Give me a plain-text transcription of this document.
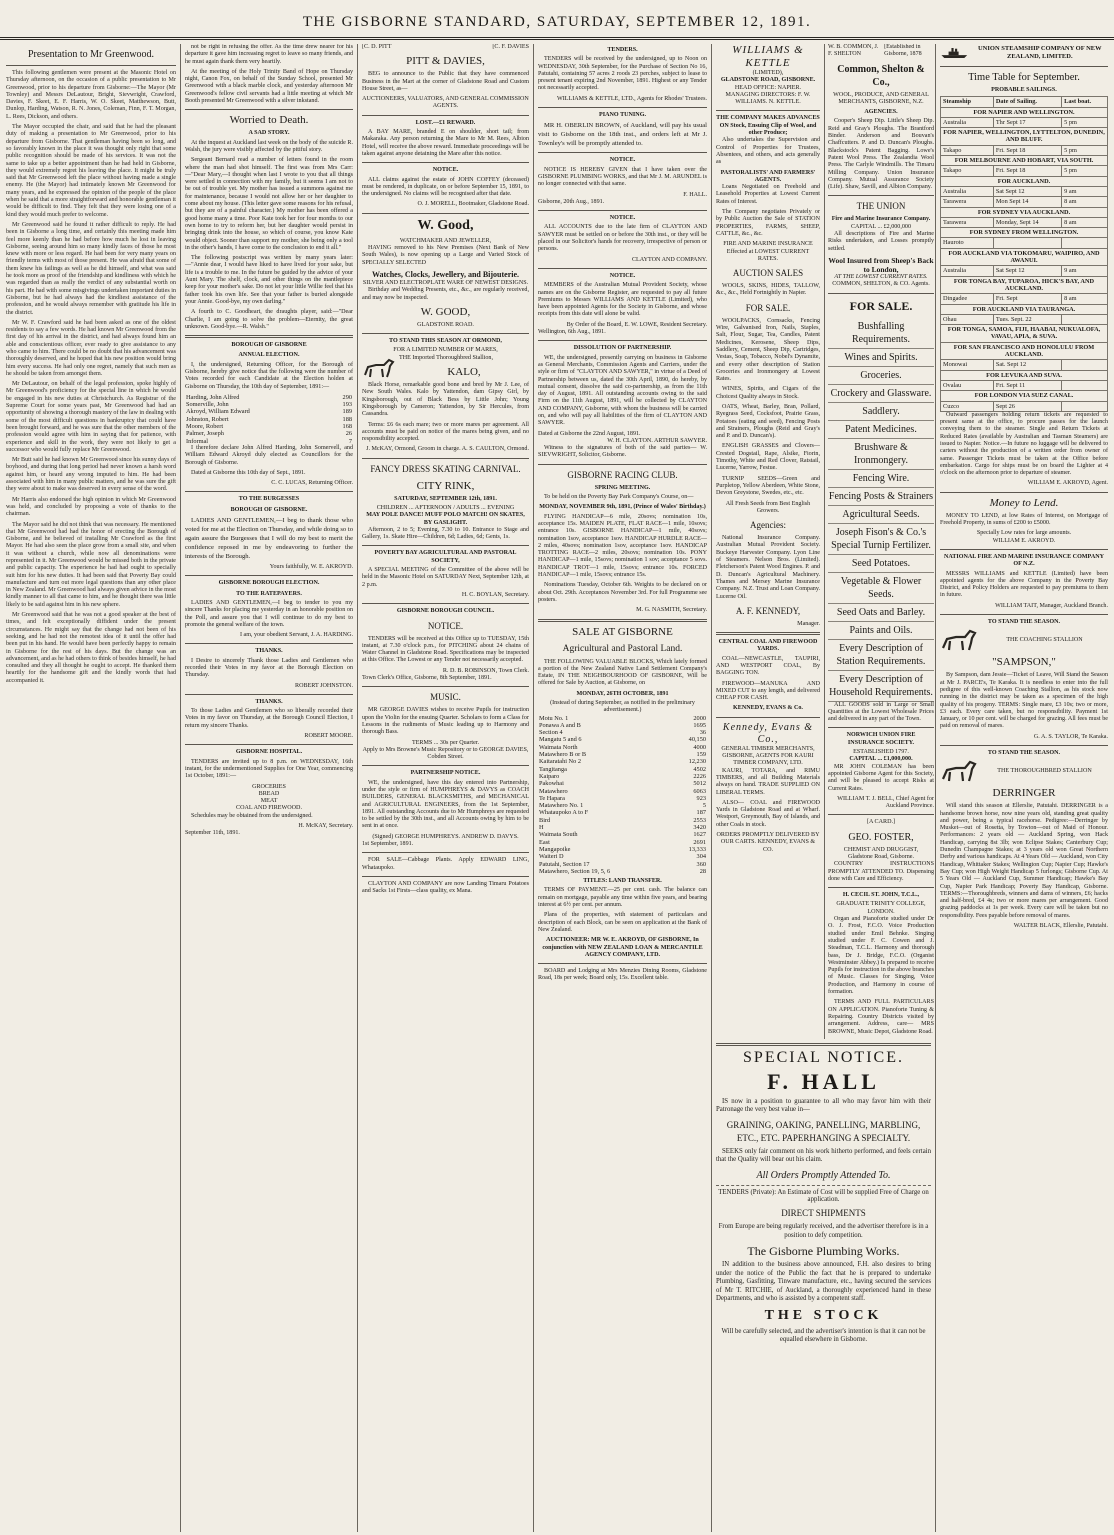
THE GISBORNE STANDARD, SATURDAY, SEPTEMBER 12, 1891.
Presentation to Mr Greenwood.

This following gentlemen were present at the Masonic Hotel on Thursday afternoon, on the occasion of a public presentation to Mr Greenwood, prior to his departure from Gisborne:—The Mayor (Mr Townley) and Messrs DeLautour, Bright, Sievwright, Crawford, Davies, F. Skeet, E. F. Harris, W. O. Skeet, Matthewson, Butt, Dunlop, Harding, Watson, R. N. Jones, Coleman, Finn, F. T. Morgan, L. Rees, Dickson, and others.

The Mayor occupied the chair, and said that he had the pleasant duty of making a presentation to Mr Greenwood, prior to his departure from Gisborne. That gentleman having been so long, and so favorably known in the place it was thought only right that some public recognition should be made of his services. It was not the same to take up a better appointment than he had held in Gisborne, they would extremely regret his leaving the place. It might be truly said that Mr Greenwood left the place without having made a single enemy. He (the Mayor) had intimately known Mr Greenwood for many years, and he expressed the opinion of the people of the place when he said that a more straightforward and honorable gentleman it would be difficult to find. They felt that they were losing one of a kind they would much prefer to welcome.

Mr Greenwood said he found it rather difficult to reply. He had been in Gisborne a long time, and certainly this meeting made him feel more keenly than he had before how much he lost in leaving Gisborne, seeing around him so many kindly faces of those he most knew with more or less regard. He had been for very many years on friendly terms with most of those present. He was afraid that some of them knew his failings as well as he did himself, and what was said he took more as proof of the friendship and kindliness with which he was regarded than as really the verdict of any substantial worth on his part. He had with some misgivings undertaken important duties in Gisborne, but he had always had the kindliest assistance of the profession, and he would always remember with gratitude his life in the district.

Mr W. F. Crawford said he had been asked as one of the oldest residents to say a few words. He had known Mr Greenwood from the first day of his arrival in the district, and had always found him an able and conscientious officer, ever ready to give assistance to any who came to him. There could be no doubt that his advancement was thoroughly deserved, and he hoped that his new position would bring him every success. He had only one regret, namely that such men as he should be taken from amongst them.

Mr DeLautour, on behalf of the legal profession, spoke highly of Mr Greenwood's proficiency for the special line in which he would be engaged in his new duties at Christchurch. As Registrar of the Supreme Court for some years past, Mr Greenwood had had an opportunity of showing a thorough mastery of the law in dealing with some of the most difficult questions in bankruptcy that could have been brought forward, and he was sure that the other members of the profession would agree with him in saying that for patience, with experience and skill in the work, they were not likely to get a successor who would fully replace Mr Greenwood.

Mr Butt said he had known Mr Greenwood since his sunny days of boyhood, and during that long period had never known a harsh word against him, or heard any wrong imputed to him. He had been associated with him in many public matters, and he was sure the gift they were about to make was deserved in every sense of the word.

Mr Harris also endorsed the high opinion in which Mr Greenwood was held, and concluded by proposing a vote of thanks to the chairman.

The Mayor said he did not think that was necessary. He mentioned that Mr Greenwood had had the honor of erecting the Borough of Gisborne, and he believed of installing Mr Crawford as the first Mayor. He had also seen the place grow from a small site, and when it was without a church, while now all denominations were represented in it. Mr Greenwood would be missed both in the private and public capacity. The experience he had had ought to specially suit him for his new duties. It had been said that Poverty Bay could manufacture and turn out more legal questions than any other place in New Zealand. Mr Greenwood had always given advice in the most kindly manner to all that came to him, and he thought there was little likely to be said against him in his new sphere.

Mr Greenwood said that he was not a good speaker at the best of times, and felt exceptionally diffident under the present circumstances. He might say that the change had not been of his seeking, and he had not the remotest idea of it until the offer had been put in his hand. He would have been perfectly happy to remain in Gisborne for the rest of his days. But the change was an advancement, and as he had others to think of besides himself, he had consulted and they all thought he ought to accept. He thanked them heartily for the handsome gift and the kindly words that had accompanied it.

not be right in refusing the offer. As the time drew nearer for his departure it gave him increasing regret to leave so many friends, and he must again thank them very heartily.

At the meeting of the Holy Trinity Band of Hope on Thursday night, Canon Fox, on behalf of the Sunday School, presented Mr Greenwood with a black marble clock, and yesterday afternoon Mr Greenwood's fellow civil servants had a little meeting at which Mr Booth presented Mr Greenwood with a silver inkstand.

Worried to Death.
A SAD STORY.

At the inquest at Auckland last week on the body of the suicide R. Walsh, the jury were visibly affected by the pitiful story.

Sergeant Bernard read a number of letters found in the room where the man had shot himself. The first was from Mrs Carr:—"Dear Mary,—I thought when last I wrote to you that all things were settled in connection with my family, but it seems I am not to be out of trouble yet. My mother has issued a summons against me for maintenance, because I would not allow her or her daughter to come about my house. (This letter gave some reasons for his refusal, but they are of a painful character.) My mother has been offered a good home many a time. Poor Kate took her for four months to our own home to try to reform her, but her daughter would persist in bringing drink into the house, so which of course, you know Kate would object. Sooner than support my mother, she being only a tool in the other's hands, I have come to the conclusion to end it all."

The following postscript was written by many years later:—"Annie dear, I would have liked to have lived for your sake, but life is a trouble to me. In the future be guided by the advice of your Aunt Mary. The shelf, clock, and other things on the mantlepiece keep for your mother's sake. Do not let your little Willie feel that his father took his own life. See that your father is buried alongside your Annie. Good-bye, my own darling."

A fourth to C. Goodheart, the draughts player, said:—"Dear Charlie, I am going to solve the problem—Eternity, the great unknown. Good-bye.—R. Walsh."

BOROUGH OF GISBORNE
ANNUAL ELECTION.

I, the undersigned, Returning Officer, for the Borough of Gisborne, hereby give notice that the following were the number of Votes recorded for each Candidate at the Election holden at Gisborne on Thursday, the 10th day of September, 1891:—

Harding, John Alfred	290
Somerville, John	193
Akroyd, William Edward	189
Johnston, Robert	188
Moore, Robert	168
Palmer, Joseph	26
Informal	7

I therefore declare John Alfred Harding, John Somervell, and William Edward Akroyd duly elected as Councillors for the Borough of Gisborne.

Dated at Gisborne this 10th day of Sept., 1891.

C. C. LUCAS, Returning Officer.
TO THE BURGESSES
BOROUGH OF GISBORNE.

LADIES AND GENTLEMEN,—I beg to thank those who voted for me at the Election on Thursday, and while doing so to again assure the Burgesses that I will do my best to merit the confidence reposed in me by endeavoring to further the interests of the Borough.

Yours faithfully, W. E. AKROYD.
GISBORNE BOROUGH ELECTION.
TO THE RATEPAYERS.

LADIES AND GENTLEMEN,—I beg to tender to you my sincere Thanks for placing me yesterday in an honorable position on the Poll, and assure you that I will continue to do my best to promote the general welfare of the town.

I am, your obedient Servant, J. A. HARDING.
THANKS.

I Desire to sincerely Thank those Ladies and Gentlemen who recorded their Votes in my favor at the Borough Election on Thursday.

ROBERT JOHNSTON.
THANKS.

To those Ladies and Gentlemen who so liberally recorded their Votes in my favor on Thursday, at the Borough Council Election, I return my sincere Thanks.

ROBERT MOORE.
GISBORNE HOSPITAL.

TENDERS are invited up to 8 p.m. on WEDNESDAY, 16th instant, for the undermentioned Supplies for One Year, commencing 1st October, 1891:—

GROCERIES
BREAD
MEAT
COAL AND FIREWOOD.

Schedules may be obtained from the undersigned.

H. McKAY, Secretary.
September 11th, 1891.
[C. D. PITT	[C. F. DAVIES
PITT & DAVIES,

BEG to announce to the Public that they have commenced Business in the Mart at the corner of Gladstone Road and Custom House Street, as—

AUCTIONEERS, VALUATORS, AND GENERAL COMMISSION AGENTS.
LOST.—£1 REWARD.

A BAY MARE, branded E on shoulder, short tail; from Makaraka. Any person returning the Mare to Mr M. Rees, Albion Hotel, will receive the above reward. Immediate proceedings will be taken against anyone detaining the Mare after this notice.

NOTICE.

ALL claims against the estate of JOHN COFFEY (deceased) must be rendered, in duplicate, on or before September 15, 1891, to the undersigned. No claims will be recognised after that date.

O. J. MORELL, Bootmaker, Gladstone Road.
W. Good,
WATCHMAKER AND JEWELLER,

HAVING removed to his New Premises (Next Bank of New South Wales), is now opening up a Large and Varied Stock of SPECIALLY SELECTED

Watches, Clocks, Jewellery, and Bijouterie.
SILVER AND ELECTROPLATE WARE OF NEWEST DESIGNS.

Birthday and Wedding Presents, etc., &c., are regularly received, and may now be inspected.

W. GOOD,
GLADSTONE ROAD.
TO STAND THIS SEASON AT ORMOND,
FOR A LIMITED NUMBER OF MARES,
THE Imported Thoroughbred Stallion,
KALO,

Black Horse, remarkable good bone and bred by Mr J. Lee, of New South Wales. Kalo by Yattendon, dam Gipsy Girl, by Kingsborough, out of Black Bess by Little John; Young Kingsborough by Cameron; Yattendon, by Sir Hercules, from Cassandra.

Terms: £6 6s each mare; two or more mares per agreement. All accounts must be paid on notice of the mares being given, and no responsibility accepted.

J. McKAY, Ormond, Groom in charge. A. S. CAULTON, Ormond.
FANCY DRESS SKATING CARNIVAL.
CITY RINK,
SATURDAY, SEPTEMBER 12th, 1891.
CHILDREN ... AFTERNOON / ADULTS ... EVENING
MAY POLE DANCE! MUFF POLO MATCH! ON SKATES, BY GASLIGHT.

Afternoon, 2 to 5; Evening, 7.30 to 10. Entrance to Stage and Gallery, 1s. Skate Hire—Children, 6d; Ladies, 6d; Gents, 1s.

POVERTY BAY AGRICULTURAL AND PASTORAL SOCIETY,

A SPECIAL MEETING of the Committee of the above will be held in the Masonic Hotel on SATURDAY Next, September 12th, at 2 p.m.

H. C. BOYLAN, Secretary.
GISBORNE BOROUGH COUNCIL.
NOTICE.

TENDERS will be received at this Office up to TUESDAY, 15th instant, at 7.30 o'clock p.m., for PITCHING about 24 chains of Water Channel in Gladstone Road. Specifications may be inspected at this Office. The Lowest or any Tender not necessarily accepted.

R. D. B. ROBINSON, Town Clerk.
Town Clerk's Office, Gisborne, 8th September, 1891.
MUSIC.

MR GEORGE DAVIES wishes to receive Pupils for instruction upon the Violin for the ensuing Quarter. Scholars to form a Class for Lessons in the rudiments of Music leading up to Harmony and thorough Bass.

TERMS ... 30s per Quarter.
Apply to Mrs Browne's Music Repository or to GEORGE DAVIES, Cobden Street.
PARTNERSHIP NOTICE.

WE, the undersigned, have this day entered into Partnership, under the style or firm of HUMPHREYS & DAVYS as COACH BUILDERS, GENERAL BLACKSMITHS, and MECHANICAL and AGRICULTURAL ENGINEERS, from the 1st September, 1891. All outstanding Accounts due to Mr Humphreys are requested to be settled by the 30th inst., and all Accounts owing by him to be sent in at once.

(Signed) GEORGE HUMPHREYS. ANDREW D. DAVYS.
1st September, 1891.

FOR SALE—Cabbage Plants. Apply EDWARD LING, Whataupoko.

CLAYTON AND COMPANY are now Landing Timaru Potatoes and Sacks 1st Firsts—class quality, ex Mana.

TENDERS.

TENDERS will be received by the undersigned, up to Noon on WEDNESDAY, 30th September, for the Purchase of Section No 16, Patutahi, containing 57 acres 2 roods 23 perches, subject to lease to present tenant expiring 2nd November, 1891. Highest or any Tender not necessarily accepted.

WILLIAMS & KETTLE, LTD., Agents for Rhodes' Trustees.
PIANO TUNING.

MR H. OBERLIN BROWN, of Auckland, will pay his usual visit to Gisborne on the 18th inst., and orders left at Mr J. Townley's will be promptly attended to.

NOTICE.

NOTICE IS HEREBY GIVEN that I have taken over the GISBORNE PLUMBING WORKS, and that Mr J. M. ARUNDEL is no longer connected with that same.

F. HALL.
Gisborne, 20th Aug., 1891.
NOTICE.

ALL ACCOUNTS due to the late firm of CLAYTON AND SAWYER must be settled on or before the 30th inst., or they will be placed in our Solicitor's hands for recovery, irrespective of person or persons.

CLAYTON AND COMPANY.
NOTICE.

MEMBERS of the Australian Mutual Provident Society, whose names are on the Gisborne Register, are requested to pay all future Premiums to Messrs WILLIAMS AND KETTLE (Limited), who have been appointed Agents for the Society in Gisborne, and whose receipts from this date will alone be valid.

By Order of the Board, E. W. LOWE, Resident Secretary.
Wellington, 6th Aug., 1891.
DISSOLUTION OF PARTNERSHIP.

WE, the undersigned, presently carrying on business in Gisborne as General Merchants, Commission Agents and Carriers, under the style or firm of "CLAYTON AND SAWYER," in virtue of a Deed of Partnership between us, dated the 30th April, 1890, do hereby, by mutual consent, dissolve the said co-partnership, as from the 11th day of August, 1891. All outstanding accounts owing to the said Firm on the 11th August, 1891, will be collected by CLAYTON AND COMPANY, Gisborne, with whom the business will be carried on, and who will pay all liabilities of the firm of CLAYTON AND SAWYER.

Dated at Gisborne the 22nd August, 1891.
W. H. CLAYTON. ARTHUR SAWYER.

Witness to the signatures of both of the said parties— W. SIEVWRIGHT, Solicitor, Gisborne.

GISBORNE RACING CLUB.
SPRING MEETING.

To be held on the Poverty Bay Park Company's Course, on—

MONDAY, NOVEMBER 9th, 1891, (Prince of Wales' Birthday.)

FLYING HANDICAP—6 mile, 20sovs; nomination 10s, acceptance 15s. MAIDEN PLATE, FLAT RACE—1 mile, 10sovs; entrance 10s. GISBORNE HANDICAP—1 mile, 40sovs; nomination 1sov, acceptance 1sov. HANDICAP HURDLE RACE—2 miles, 40sovs; nomination 1sov, acceptance 1sov. HANDICAP TROTTING RACE—2 miles, 20sovs; nomination 10s. PONY HANDICAP—1 mile, 15sovs; nomination 1 sov; acceptance 5 sovs. HANDICAP TROT—1 mile, 15sovs; entrance 10s. FORCED HANDICAP—1 mile, 15sovs; entrance 15s.

Nominations Tuesday, October 6th. Weights to be declared on or about Oct. 29th. Acceptances November 3rd. For full Programme see posters.

M. G. NASMITH, Secretary.
SALE AT GISBORNE
Agricultural and Pastoral Land.

THE FOLLOWING VALUABLE BLOCKS, Which lately formed a portion of the New Zealand Native Land Settlement Company's Estate, IN THE NEIGHBOURHOOD OF GISBORNE, Will be offered for Sale by Auction, at Gisborne, on

MONDAY, 26TH OCTOBER, 1891
(Instead of during September, as notified in the preliminary advertisement.)
Motu No. 1	2000
Ponawa A and B	1695
Section 4	36
Mangatu 5 and 6	40,150
Waimata North	4000
Matawhero B or B	159
Kaitaratahi No 2	12,230
Tangitanga	4502
Kaiparo	2226
Pakowhai	5012
Matawhero	6063
Te Hapara	923
Matawhero No. 1	5
Whataupoko A to F	187
Bird	2553
H	3420
Waimata South	1627
East	2691
Mangapoike	13,333
Waiteri D	304
Patutahi, Section 17	360
Matawhero, Section 19, 5, 6	28
TITLES: LAND TRANSFER.

TERMS OF PAYMENT.—25 per cent. cash. The balance can remain on mortgage, payable any time within five years, and bearing interest at 6½ per cent. per annum.

Plans of the properties, with statement of particulars and description of each Block, can be seen on application at the Bank of New Zealand.

AUCTIONEER: MR W. E. AKROYD, OF GISBORNE, In conjunction with NEW ZEALAND LOAN & MERCANTILE AGENCY COMPANY, LTD.

BOARD and Lodging at Mrs Menzies Dining Rooms, Gladstone Road, 18s per week; Board only, 15s. Excellent table.

WILLIAMS & KETTLE
(LIMITED),
GLADSTONE ROAD, GISBORNE.
HEAD OFFICE: NAPIER.
MANAGING DIRECTORS: F. W. WILLIAMS. N. KETTLE.
THE COMPANY MAKES ADVANCES ON Stock, Ensuing Clip of Wool, and other Produce;

Also undertakes the Supervision and Control of Properties for Trustees, Absentees, and others, and acts generally as

PASTORALISTS' AND FARMERS' AGENTS.

Loans Negotiated on Freehold and Leasehold Properties at Lowest Current Rates of Interest.

The Company negotiates Privately or by Public Auction the Sale of STATION PROPERTIES, FARMS, SHEEP, CATTLE, &c., &c.

FIRE AND MARINE INSURANCE Effected at LOWEST CURRENT RATES.
AUCTION SALES

WOOLS, SKINS, HIDES, TALLOW, &c., &c., Held Fortnightly in Napier.

FOR SALE.

WOOLPACKS, Cornsacks, Fencing Wire, Galvanised Iron, Nails, Staples, Salt, Flour, Sugar, Tea, Candles, Patent Medicines, Kerosene, Sheep Dips, Saddlery, Cement, Sheep Dip, Cartridges, Vestas, Soap, Tobacco, Nobel's Dynamite, and every other description of Station Groceries and Ironmongery at Lowest Rates.

WINES, Spirits, and Cigars of the Choicest Quality always in Stock.

OATS, Wheat, Barley, Bran, Pollard, Ryegrass Seed, Cocksfoot, Prairie Grass, Potatoes (eating and seed), Fencing Posts and Strainers, Ploughs (Reid and Gray's and P. and D. Duncan's).

ENGLISH GRASSES and Clovers—Crested Dogstail, Rape, Alsike, Fiorin, Timothy, White and Red Clover, Ratstail, Lucerne, Yarrow, Festue.

TURNIP SEEDS—Green and Purpletop, Yellow Aberdeen, White Stone, Devon Greystone, Swedes, etc., etc.

All Fresh Seeds from Best English Growers.
Agencies:

National Insurance Company. Australian Mutual Provident Society. Buckeye Harvester Company. Lyon Line of Steamers. Nelson Bros. (Limited). Fletcherson's Patent Wood Engines. P. and D. Duncan's Agricultural Machinery. Thames and Mersey Marine Insurance Company. N.Z. Trust and Loan Company. Lucerne Oil.

A. F. KENNEDY,
Manager.
CENTRAL COAL AND FIREWOOD YARDS.

COAL—NEWCASTLE, TAUPIRI, AND WESTPORT COAL, By BAGGING TON.

FIREWOOD—MANUKA AND MIXED CUT to any length, and delivered CHEAP FOR CASH.

KENNEDY, EVANS & Co.
Kennedy, Evans & Co.,
GENERAL TIMBER MERCHANTS, GISBORNE, AGENTS FOR KAURI TIMBER COMPANY, LTD.

KAURI, TOTARA, and RIMU TIMBERS, and all Building Materials always on hand. TRADE SUPPLIED ON LIBERAL TERMS.

ALSO— COAL and FIREWOOD Yards in Gladstone Road and at Wharf. Westport, Greymouth, Bay of Islands, and other Coals in stock.

ORDERS PROMPTLY DELIVERED BY OUR CARTS. KENNEDY, EVANS & CO.
W. B. COMMON, J. F. SHELTON
[Established in Gisborne, 1878
Common, Shelton & Co.,
WOOL, PRODUCE, AND GENERAL MERCHANTS, GISBORNE, N.Z.
AGENCIES.

Cooper's Sheep Dip. Little's Sheep Dip. Reid and Gray's Ploughs. The Brantford Binder. Anderson and Bouvan's Chaffcutters. P. and D. Duncan's Ploughs. Blackstock's Patent Bagging. Lowe's Patent Wool Press. The Zealandia Wool Press. The Carlyle Windmills. The Timaru Milling Company. Union Insurance Company. Mutual Assurance Society (Life). Shaw, Savill, and Albion Company.

THE UNION
Fire and Marine Insurance Company.
CAPITAL ... £2,000,000

All descriptions of Fire and Marine Risks undertaken, and Losses promptly settled.

Wool Insured from Sheep's Back to London,
AT THE LOWEST CURRENT RATES.
COMMON, SHELTON, & CO. Agents.
FOR SALE.
Bushfalling Requirements.
Wines and Spirits.
Groceries.
Crockery and Glassware.
Saddlery.
Patent Medicines.
Brushware & Ironmongery.
Fencing Wire.
Fencing Posts & Strainers
Agricultural Seeds.
Joseph Fison's & Co.'s Special Turnip Fertilizer.
Seed Potatoes.
Vegetable & Flower Seeds.
Seed Oats and Barley.
Paints and Oils.
Every Description of Station Requirements.
Every Description of Household Requirements.

ALL GOODS sold in Large or Small Quantities at the Lowest Wholesale Prices and delivered in any part of the Town.

NORWICH UNION FIRE INSURANCE SOCIETY.
ESTABLISHED 1797.
CAPITAL ... £1,000,000.

MR JOHN COLEMAN has been appointed Gisborne Agent for this Society, and will be pleased to accept Risks at Current Rates.

WILLIAM T. J. BELL, Chief Agent for Auckland Province.
[A CARD.]
GEO. FOSTER,
CHEMIST AND DRUGGIST,
Gladstone Road, Gisborne.

COUNTRY INSTRUCTIONS PROMPTLY ATTENDED TO. Dispensing done with Care and Efficiency.

H. CECIL ST. JOHN, T.C.L.,
GRADUATE TRINITY COLLEGE, LONDON.

Organ and Pianoforte studied under Dr O. J. Frost, F.C.O. Voice Production studied under Emil Behnke. Singing studied under F. C. Cowen and J. Steadman, T.C.L. Harmony and thorough bass, Dr J. Bridge, F.C.O. (Organist Westminster Abbey.) Is prepared to receive Pupils for instruction in the above branches of Music. Classes for Singing, Voice Production, and Harmony in course of formation.

TERMS AND FULL PARTICULARS ON APPLICATION. Pianoforte Tuning & Repairing. Country Districts visited by arrangement. Address, care— MRS BROWNE, Music Depot, Gladstone Road.

SPECIAL NOTICE.
F. HALL

IS now in a position to guarantee to all who may favor him with their Patronage the very best value in—

GRAINING, OAKING, PANELLING, MARBLING, ETC., ETC. PAPERHANGING A SPECIALTY.

SEEKS only fair comment on his work hitherto performed, and feels certain that the Quality will bear out his claim.

All Orders Promptly Attended To.
TENDERS (Private): An Estimate of Cost will be supplied Free of Charge on application.
DIRECT SHIPMENTS
From Europe are being regularly received, and the advertiser therefore is in a position to defy competition.
The Gisborne Plumbing Works.

IN addition to the business above announced, F.H. also desires to bring under the notice of the Public the fact that he is prepared to undertake Plumbing, Gasfitting, Tinware manufacture, etc., having secured the services of Mr T. RITCHIE, of Auckland, a thoroughly experienced hand in these Departments, and who is assisted by a competent staff.

THE STOCK
Will be carefully selected, and the advertiser's intention is that it can not be equalled elsewhere in Gisborne.
UNION STEAMSHIP COMPANY OF NEW ZEALAND, LIMITED.
Time Table for September.
PROBABLE SAILINGS.
Steamship	Date of Sailing.	Last boat.
FOR NAPIER AND WELLINGTON.		
Australia	Thr Sept 17	5 pm
FOR NAPIER, WELLINGTON, LYTTELTON, DUNEDIN, AND BLUFF.		
Takapo	Fri. Sept 18	5 pm
FOR MELBOURNE AND HOBART, VIA SOUTH.		
Takapo	Fri. Sept 18	5 pm
FOR AUCKLAND.		
Australia	Sat Sept 12	9 am
Tarawera	Mon Sept 14	8 am
FOR SYDNEY VIA AUCKLAND.		
Tarawera	Monday, Sept 14	8 am
FOR SYDNEY FROM WELLINGTON.		
Hauroto		
FOR AUCKLAND VIA TOKOMARU, WAIPIRO, AND AWANUI.		
Australia	Sat Sept 12	9 am
FOR TONGA BAY, TUPAROA, HICK'S BAY, AND AUCKLAND.		
Dingadee	Fri. Sept	8 am
FOR AUCKLAND VIA TAURANGA.		
Ohau	Tues. Sept. 22	
FOR TONGA, SAMOA, FIJI, HAABAI, NUKUALOFA, VAVAU, APIA, & SUVA.		
FOR SAN FRANCISCO AND HONOLULU FROM AUCKLAND.		
Monowai	Sat. Sept 12	
FOR LEVUKA AND SUVA.		
Ovalau	Fri. Sept 11	
FOR LONDON VIA SUEZ CANAL.		
Cuzco	Sept 26	

Outward passengers holding return tickets are requested to present same at the office, to procure passes for the launch conveying them to the steamer. Single and Return Tickets at Reduced Rates (available by Australian and Tasman Steamers) are issued to Napier. Notice.—In future no luggage will be delivered to carters without the production of a written order from owner of same. Passenger Tickets must be taken at the Office before embarkation. Cargo for ships must be on board the Lighter at 4 o'clock on the afternoon prior to departure of steamer.

WILLIAM E. AKROYD, Agent.
Money to Lend.

MONEY TO LEND, at low Rates of Interest, on Mortgage of Freehold Property, in sums of £200 to £5000.

Specially Low rates for large amounts.
WILLIAM E. AKROYD.
NATIONAL FIRE AND MARINE INSURANCE COMPANY OF N.Z.

MESSRS WILLIAMS and KETTLE (Limited) have been appointed agents for the above Company in the Poverty Bay District, and Policy Holders are requested to pay premiums to them in future.

WILLIAM TAIT, Manager, Auckland Branch.
TO STAND THE SEASON.
THE COACHING STALLION
"SAMPSON,"

By Sampson, dam Jessie—Ticket of Leave, Will Stand the Season at Mr J. PARCE's, Te Karaka. It is needless to enter into the full pedigree of this well-known Coaching Stallion, as his stock now running in the district may be taken as a specimen of the high quality of his progeny. TERMS: Single mare, £3 10s; two or more, £3 each. Every care taken, but no responsibility. Payment 1st January, or 10 per cent. will be charged for grazing. All fees must be paid on removal of mares.

G. A. S. TAYLOR, Te Karaka.
TO STAND THE SEASON.
THE THOROUGHBRED STALLION
DERRINGER

Will stand this season at Ellerslie, Patutahi. DERRINGER is a handsome brown horse, now nine years old, standing great quality and power, being a typical racehorse. Pedigree:—Derringer by Musket—out of Rosetta, by Towton—out of Maid of Honour. Performances: 2 years old — Auckland Spring, won Hack Handicap, carrying 8st 3lb; won Eclipse Stakes; Canterbury Cup; Dunedin Champagne Stakes; at 3 years old won Great Northern Derby and various handicaps. At 4 Years Old — Auckland, won City Handicap, Whittaker Stakes; Wellington Cup; Napier Cup; Hawke's Bay Cup; won High Weight Handicap 5 furlongs; Gisborne Cup. At 5 Years Old — Auckland Cup, Summer Handicap; Hawke's Bay Cup, Napier Park Handicap; Poverty Bay Handicap, Gisborne. TERMS:—Thoroughbreds, winners and dams of winners, £6; hacks and half-bred, £4 4s; two or more mares per arrangement. Good grazing paddocks at 1s per week. Every care will be taken but no responsibility. Fees payable before removal of mares.

WALTER BLACK, Ellerslie, Patutahi.
